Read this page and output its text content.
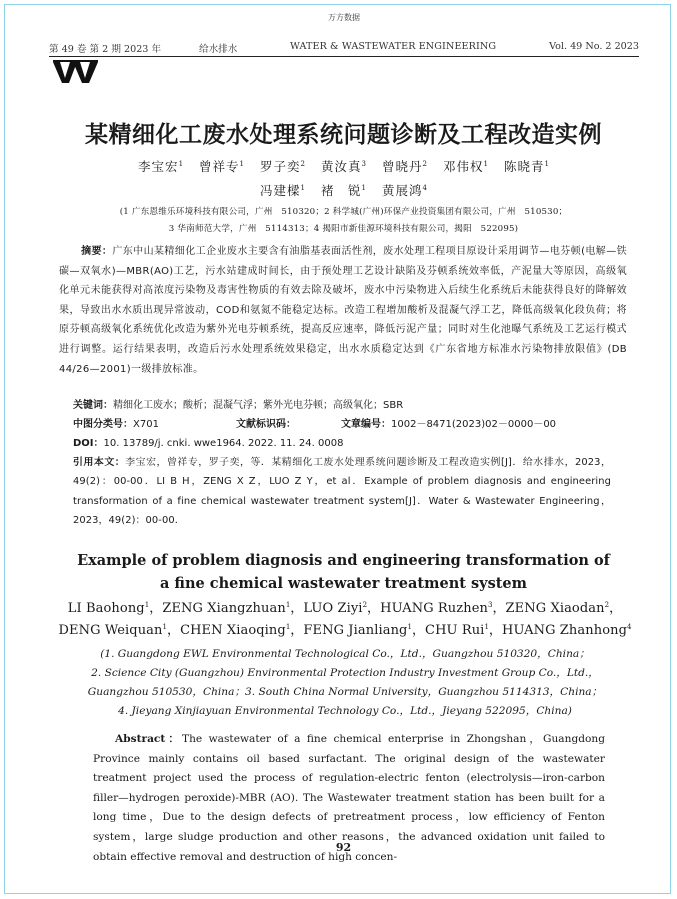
万方数据
第 49 卷 第 2 期 2023 年	给水排水	WATER & WASTEWATER ENGINEERING	Vol. 49 No. 2 2023
某精细化工废水处理系统问题诊断及工程改造实例
李宝宏$^1$ 曾祥专$^1$ 罗子奕$^2$ 黄汝真$^3$ 曾晓丹$^2$ 邓伟权$^1$ 陈晓青$^1$
冯建樑$^1$ 褚　锐$^1$ 黄展鸿$^4$
(1 广东恩维乐环境科技有限公司，广州　510320；2 科学城(广州)环保产业投资集团有限公司，广州　510530；
3 华南师范大学，广州　5114313；4 揭阳市新佳源环境科技有限公司，揭阳　522095)
摘要：广东中山某精细化工企业废水主要含有油脂基表面活性剂，废水处理工程项目原设计采用调节—电芬顿(电解—铁碳—双氧水)—MBR(AO)工艺，污水站建成时间长，由于预处理工艺设计缺陷及芬顿系统效率低，产泥量大等原因，高级氧化单元未能获得对高浓度污染物及毒害性物质的有效去除及破坏，废水中污染物进入后续生化系统后未能获得良好的降解效果，导致出水水质出现异常波动，COD和氨氮不能稳定达标。改造工程增加酸析及混凝气浮工艺，降低高级氧化段负荷；将原芬顿高级氧化系统优化改造为紫外光电芬顿系统，提高反应速率，降低污泥产量；同时对生化池曝气系统及工艺运行模式进行调整。运行结果表明，改造后污水处理系统效果稳定，出水水质稳定达到《广东省地方标准水污染物排放限值》(DB 44/26—2001)一级排放标准。
关键词：精细化工废水；酸析；混凝气浮；紫外光电芬顿；高级氧化；SBR
中图分类号：X701	文献标识码：	文章编号：1002－8471(2023)02－0000－00
DOI：10. 13789/j. cnki. wwe1964. 2022. 11. 24. 0008
引用本文：李宝宏，曾祥专，罗子奕，等．某精细化工废水处理系统问题诊断及工程改造实例[J]．给水排水，2023，49(2)：00-00．LI B H，ZENG X Z，LUO Z Y，et al．Example of problem diagnosis and engineering transformation of a fine chemical wastewater treatment system[J]．Water & Wastewater Engineering，2023，49(2)：00-00．
Example of problem diagnosis and engineering transformation of
a fine chemical wastewater treatment system
LI Baohong$^1$，ZENG Xiangzhuan$^1$，LUO Ziyi$^2$，HUANG Ruzhen$^3$，ZENG Xiaodan$^2$，DENG Weiquan$^1$，CHEN Xiaoqing$^1$，FENG Jianliang$^1$，CHU Rui$^1$，HUANG Zhanhong$^4$
(1. Guangdong EWL Environmental Technological Co.，Ltd.，Guangzhou 510320，China；
2. Science City (Guangzhou) Environmental Protection Industry Investment Group Co.，Ltd.，
Guangzhou 510530，China；3. South China Normal University，Guangzhou 5114313，China；
4. Jieyang Xinjiayuan Environmental Technology Co.，Ltd.，Jieyang 522095，China)
Abstract：The wastewater of a fine chemical enterprise in Zhongshan，Guangdong Province mainly contains oil based surfactant. The original design of the wastewater treatment project used the process of regulation-electric fenton (electrolysis—iron-carbon filler—hydrogen peroxide)-MBR (AO). The Wastewater treatment station has been built for a long time，Due to the design defects of pretreatment process，low efficiency of Fenton system，large sludge production and other reasons，the advanced oxidation unit failed to obtain effective removal and destruction of high concen-
92
